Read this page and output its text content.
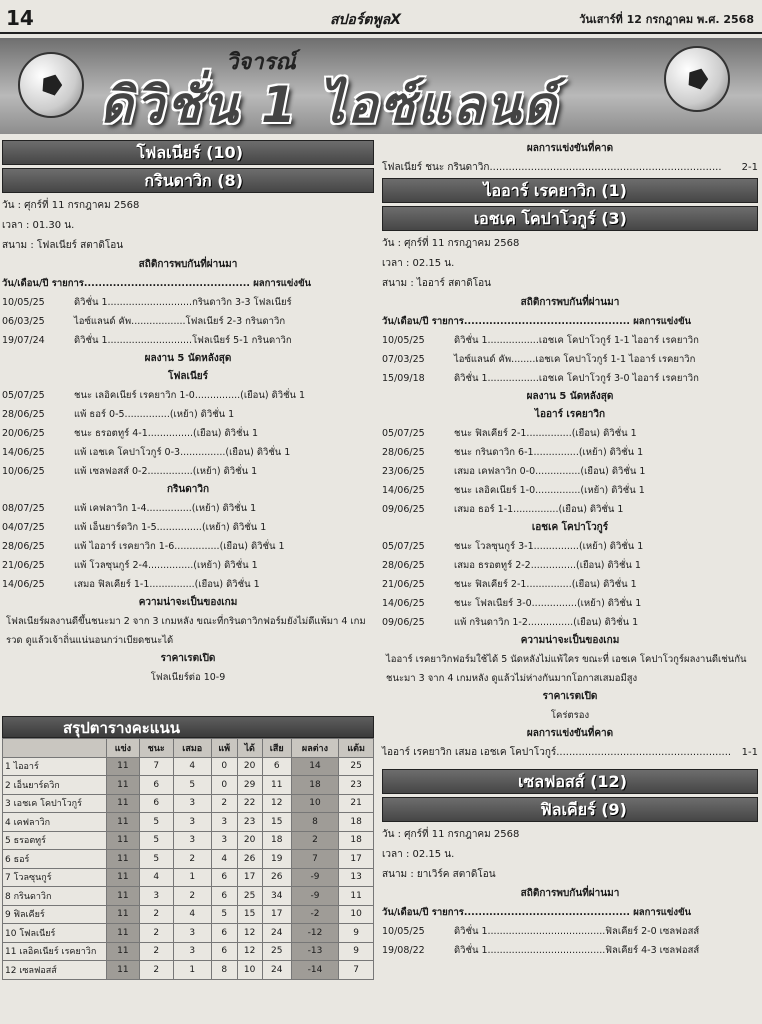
14	สปอร์ตพูลX	วันเสาร์ที่ 12 กรกฎาคม พ.ศ. 2568
วิจารณ์
ดิวิชั่น 1 ไอซ์แลนด์
โฟลเนียร์ (10)
กรินดาวิก (8)
วัน : ศุกร์ที่ 11 กรกฎาคม 2568
เวลา : 01.30 น.
สนาม : โฟลเนียร์ สตาดิโอน
สถิติการพบกันที่ผ่านมา
วัน/เดือน/ปี รายการ.............................................. ผลการแข่งขัน
10/05/25	ดิวิชั่น 1............................กรินดาวิก 3-3 โฟลเนียร์
06/03/25	ไอซ์แลนด์ คัพ..................โฟลเนียร์ 2-3 กรินดาวิก
19/07/24	ดิวิชั่น 1............................โฟลเนียร์ 5-1 กรินดาวิก
ผลงาน 5 นัดหลังสุด
โฟลเนียร์
05/07/25	ชนะ เลอิคเนียร์ เรคยาวิก 1-0...............(เยือน) ดิวิชั่น 1
28/06/25	แพ้ ธอร์ 0-5...............(เหย้า) ดิวิชั่น 1
20/06/25	ชนะ ธรอตทูร์ 4-1...............(เยือน) ดิวิชั่น 1
14/06/25	แพ้ เอชเค โคปาโวกูร์ 0-3...............(เยือน) ดิวิชั่น 1
10/06/25	แพ้ เซลฟอสส์ 0-2...............(เหย้า) ดิวิชั่น 1
กรินดาวิก
08/07/25	แพ้ เคฟลาวิก 1-4...............(เหย้า) ดิวิชั่น 1
04/07/25	แพ้ เอ็นยาร์ดวิก 1-5...............(เหย้า) ดิวิชั่น 1
28/06/25	แพ้ ไออาร์ เรคยาวิก 1-6...............(เยือน) ดิวิชั่น 1
21/06/25	แพ้ โวลซุนกูร์ 2-4...............(เหย้า) ดิวิชั่น 1
14/06/25	เสมอ ฟิลเคียร์ 1-1...............(เยือน) ดิวิชั่น 1
ความน่าจะเป็นของเกม
โฟลเนียร์ผลงานดีขึ้นชนะมา 2 จาก 3 เกมหลัง ขณะที่กรินดาวิกฟอร์มยังไม่ดีแพ้มา 4 เกมรวด ดูแล้วเจ้าถิ่นแน่นอนกว่าเบียดชนะได้
ราคาเรตเปิด
โฟลเนียร์ต่อ 10-9
สรุปตารางคะแนน
	แข่ง	ชนะ	เสมอ	แพ้	ได้	เสีย	ผลต่าง	แต้ม
1 ไออาร์	11	7	4	0	20	6	14	25
2 เอ็นยาร์ดวิก	11	6	5	0	29	11	18	23
3 เอชเค โคปาโวกูร์	11	6	3	2	22	12	10	21
4 เคฟลาวิก	11	5	3	3	23	15	8	18
5 ธรอตทูร์	11	5	3	3	20	18	2	18
6 ธอร์	11	5	2	4	26	19	7	17
7 โวลซุนกูร์	11	4	1	6	17	26	-9	13
8 กรินดาวิก	11	3	2	6	25	34	-9	11
9 ฟิลเคียร์	11	2	4	5	15	17	-2	10
10 โฟลเนียร์	11	2	3	6	12	24	-12	9
11 เลอิคเนียร์ เรคยาวิก	11	2	3	6	12	25	-13	9
12 เซลฟอสส์	11	2	1	8	10	24	-14	7
ผลการแข่งขันที่คาด
โฟลเนียร์ ชนะ กรินดาวิก......................................................................... 2-1
ไออาร์ เรคยาวิก (1)
เอชเค โคปาโวกูร์ (3)
วัน : ศุกร์ที่ 11 กรกฎาคม 2568
เวลา : 02.15 น.
สนาม : ไออาร์ สตาดิโอน
สถิติการพบกันที่ผ่านมา
วัน/เดือน/ปี รายการ.............................................. ผลการแข่งขัน
10/05/25	ดิวิชั่น 1.................เอชเค โคปาโวกูร์ 1-1 ไออาร์ เรคยาวิก
07/03/25	ไอซ์แลนด์ คัพ........เอชเค โคปาโวกูร์ 1-1 ไออาร์ เรคยาวิก
15/09/18	ดิวิชั่น 1.................เอชเค โคปาโวกูร์ 3-0 ไออาร์ เรคยาวิก
ผลงาน 5 นัดหลังสุด
ไออาร์ เรคยาวิก
05/07/25	ชนะ ฟิลเคียร์ 2-1...............(เยือน) ดิวิชั่น 1
28/06/25	ชนะ กรินดาวิก 6-1...............(เหย้า) ดิวิชั่น 1
23/06/25	เสมอ เคฟลาวิก 0-0...............(เยือน) ดิวิชั่น 1
14/06/25	ชนะ เลอิคเนียร์ 1-0...............(เหย้า) ดิวิชั่น 1
09/06/25	เสมอ ธอร์ 1-1...............(เยือน) ดิวิชั่น 1
เอชเค โคปาโวกูร์
05/07/25	ชนะ โวลซุนกูร์ 3-1...............(เหย้า) ดิวิชั่น 1
28/06/25	เสมอ ธรอตทูร์ 2-2...............(เยือน) ดิวิชั่น 1
21/06/25	ชนะ ฟิลเคียร์ 2-1...............(เยือน) ดิวิชั่น 1
14/06/25	ชนะ โฟลเนียร์ 3-0...............(เหย้า) ดิวิชั่น 1
09/06/25	แพ้ กรินดาวิก 1-2...............(เยือน) ดิวิชั่น 1
ความน่าจะเป็นของเกม
ไออาร์ เรคยาวิกฟอร์มใช้ได้ 5 นัดหลังไม่แพ้ใคร ขณะที่ เอชเค โคปาโวกูร์ผลงานดีเช่นกันชนะมา 3 จาก 4 เกมหลัง ดูแล้วไม่ห่างกันมากโอกาสเสมอมีสูง
ราคาเรตเปิด
โคร่ตรอง
ผลการแข่งขันที่คาด
ไออาร์ เรคยาวิก เสมอ เอชเค โคปาโวกูร์....................................................... 1-1
เซลฟอสส์ (12)
ฟิลเคียร์ (9)
วัน : ศุกร์ที่ 11 กรกฎาคม 2568
เวลา : 02.15 น.
สนาม : ยาเวิร์ค สตาดิโอน
สถิติการพบกันที่ผ่านมา
วัน/เดือน/ปี รายการ.............................................. ผลการแข่งขัน
10/05/25	ดิวิชั่น 1.......................................ฟิลเคียร์ 2-0 เซลฟอสส์
19/08/22	ดิวิชั่น 1.......................................ฟิลเคียร์ 4-3 เซลฟอสส์
